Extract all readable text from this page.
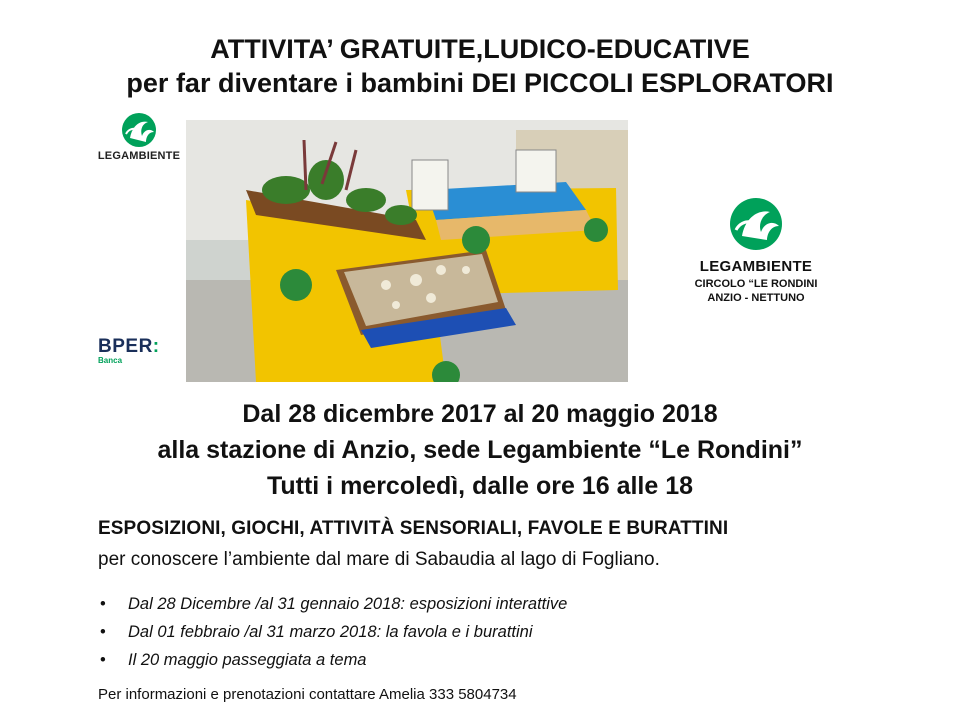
ATTIVITA’ GRATUITE,LUDICO-EDUCATIVE
per far diventare i bambini DEI PICCOLI ESPLORATORI
LEGAMBIENTE
BPER:
Banca
LEGAMBIENTE
CIRCOLO “LE RONDINI
ANZIO - NETTUNO
Dal 28 dicembre 2017 al 20 maggio 2018
alla stazione di Anzio, sede Legambiente “Le Rondini”
Tutti i mercoledì, dalle ore 16 alle 18
ESPOSIZIONI, GIOCHI, ATTIVITÀ SENSORIALI, FAVOLE E BURATTINI
per conoscere l’ambiente dal mare di Sabaudia al lago di Fogliano.
• Dal 28 Dicembre /al 31 gennaio 2018: esposizioni interattive
• Dal 01 febbraio /al 31 marzo 2018: la favola e i burattini
• Il 20 maggio passeggiata a tema
Per informazioni e prenotazioni contattare Amelia 333 5804734
